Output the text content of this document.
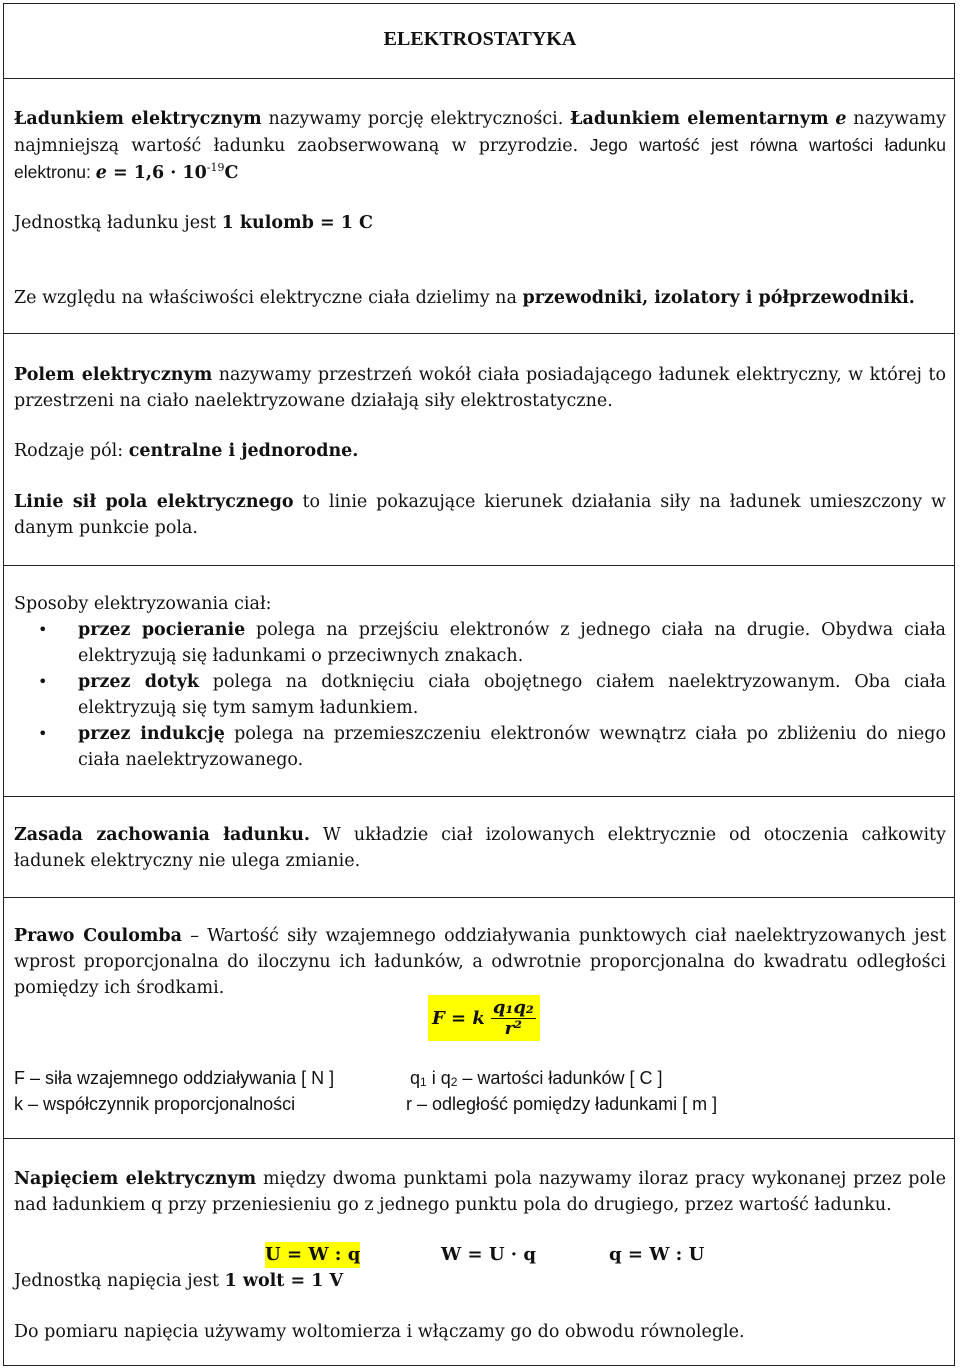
ELEKTROSTATYKA
Ładunkiem elektrycznym nazywamy porcję elektryczności. Ładunkiem elementarnym e nazywamy najmniejszą wartość ładunku zaobserwowaną w przyrodzie. Jego wartość jest równa wartości ładunku elektronu: $e = 1,6 \cdot 10^{-19}C$
Jednostką ładunku jest 1 kulomb = 1 C
Ze względu na właściwości elektryczne ciała dzielimy na przewodniki, izolatory i półprzewodniki.
Polem elektrycznym nazywamy przestrzeń wokół ciała posiadającego ładunek elektryczny, w której to przestrzeni na ciało naelektryzowane działają siły elektrostatyczne.
Rodzaje pól: centralne i jednorodne.
Linie sił pola elektrycznego to linie pokazujące kierunek działania siły na ładunek umieszczony w danym punkcie pola.
Sposoby elektryzowania ciał:
• przez pocieranie polega na przejściu elektronów z jednego ciała na drugie. Obydwa ciała elektryzują się ładunkami o przeciwnych znakach.
• przez dotyk polega na dotknięciu ciała obojętnego ciałem naelektryzowanym. Oba ciała elektryzują się tym samym ładunkiem.
• przez indukcję polega na przemieszczeniu elektronów wewnątrz ciała po zbliżeniu do niego ciała naelektryzowanego.
Zasada zachowania ładunku. W układzie ciał izolowanych elektrycznie od otoczenia całkowity ładunek elektryczny nie ulega zmianie.
Prawo Coulomba – Wartość siły wzajemnego oddziaływania punktowych ciał naelektryzowanych jest wprost proporcjonalna do iloczynu ich ładunków, a odwrotnie proporcjonalna do kwadratu odległości pomiędzy ich środkami.
F = k $\frac{\text{q₁q₂}}{\text{r²}}$
F – siła wzajemnego oddziaływania [ N ]
k – współczynnik proporcjonalności
$q_1$ i $q_2$ – wartości ładunków [ C ]
r – odległość pomiędzy ładunkami [ m ]
Napięciem elektrycznym między dwoma punktami pola nazywamy iloraz pracy wykonanej przez pole nad ładunkiem q przy przeniesieniu go z jednego punktu pola do drugiego, przez wartość ładunku.
U = W : q	W = U · q	q = W : U
Jednostką napięcia jest 1 wolt = 1 V
Do pomiaru napięcia używamy woltomierza i włączamy go do obwodu równolegle.
